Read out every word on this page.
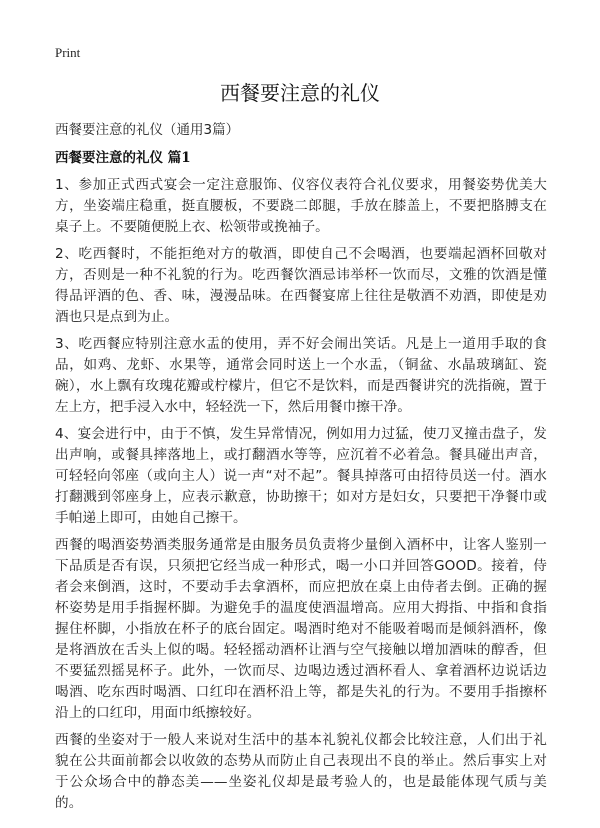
Print
西餐要注意的礼仪
西餐要注意的礼仪（通用3篇）
西餐要注意的礼仪 篇1

1、参加正式西式宴会一定注意服饰、仪容仪表符合礼仪要求，用餐姿势优美大方，坐姿端庄稳重，挺直腰板，不要跷二郎腿，手放在膝盖上，不要把胳膊支在桌子上。不要随便脱上衣、松领带或挽袖子。

2、吃西餐时，不能拒绝对方的敬酒，即使自己不会喝酒，也要端起酒杯回敬对方，否则是一种不礼貌的行为。吃西餐饮酒忌讳举杯一饮而尽，文雅的饮酒是懂得品评酒的色、香、味，漫漫品味。在西餐宴席上往往是敬酒不劝酒，即使是劝酒也只是点到为止。

3、吃西餐应特别注意水盂的使用，弄不好会闹出笑话。凡是上一道用手取的食品，如鸡、龙虾、水果等，通常会同时送上一个水盂，（铜盆、水晶玻璃缸、瓷碗），水上飘有玫瑰花瓣或柠檬片，但它不是饮料，而是西餐讲究的洗指碗，置于左上方，把手浸入水中，轻轻洗一下，然后用餐巾擦干净。

4、宴会进行中，由于不慎，发生异常情况，例如用力过猛，使刀叉撞击盘子，发出声响，或餐具摔落地上，或打翻酒水等等，应沉着不必着急。餐具碰出声音，可轻轻向邻座（或向主人）说一声“对不起”。餐具掉落可由招待员送一付。酒水打翻溅到邻座身上，应表示歉意，协助擦干；如对方是妇女，只要把干净餐巾或手帕递上即可，由她自己擦干。

西餐的喝酒姿势酒类服务通常是由服务员负责将少量倒入酒杯中，让客人鉴别一下品质是否有误，只须把它经当成一种形式，喝一小口并回答GOOD。接着，侍者会来倒酒，这时，不要动手去拿酒杯，而应把放在桌上由侍者去倒。正确的握杯姿势是用手指握杯脚。为避免手的温度使酒温增高。应用大拇指、中指和食指握住杯脚，小指放在杯子的底台固定。喝酒时绝对不能吸着喝而是倾斜酒杯，像是将酒放在舌头上似的喝。轻轻摇动酒杯让酒与空气接触以增加酒味的醇香，但不要猛烈摇晃杯子。此外，一饮而尽、边喝边透过酒杯看人、拿着酒杯边说话边喝酒、吃东西时喝酒、口红印在酒杯沿上等，都是失礼的行为。不要用手指擦杯沿上的口红印，用面巾纸擦较好。

西餐的坐姿对于一般人来说对生活中的基本礼貌礼仪都会比较注意，人们出于礼貌在公共面前都会以收敛的态势从而防止自己表现出不良的举止。然后事实上对于公众场合中的静态美——坐姿礼仪却是最考验人的，也是最能体现气质与美的。
